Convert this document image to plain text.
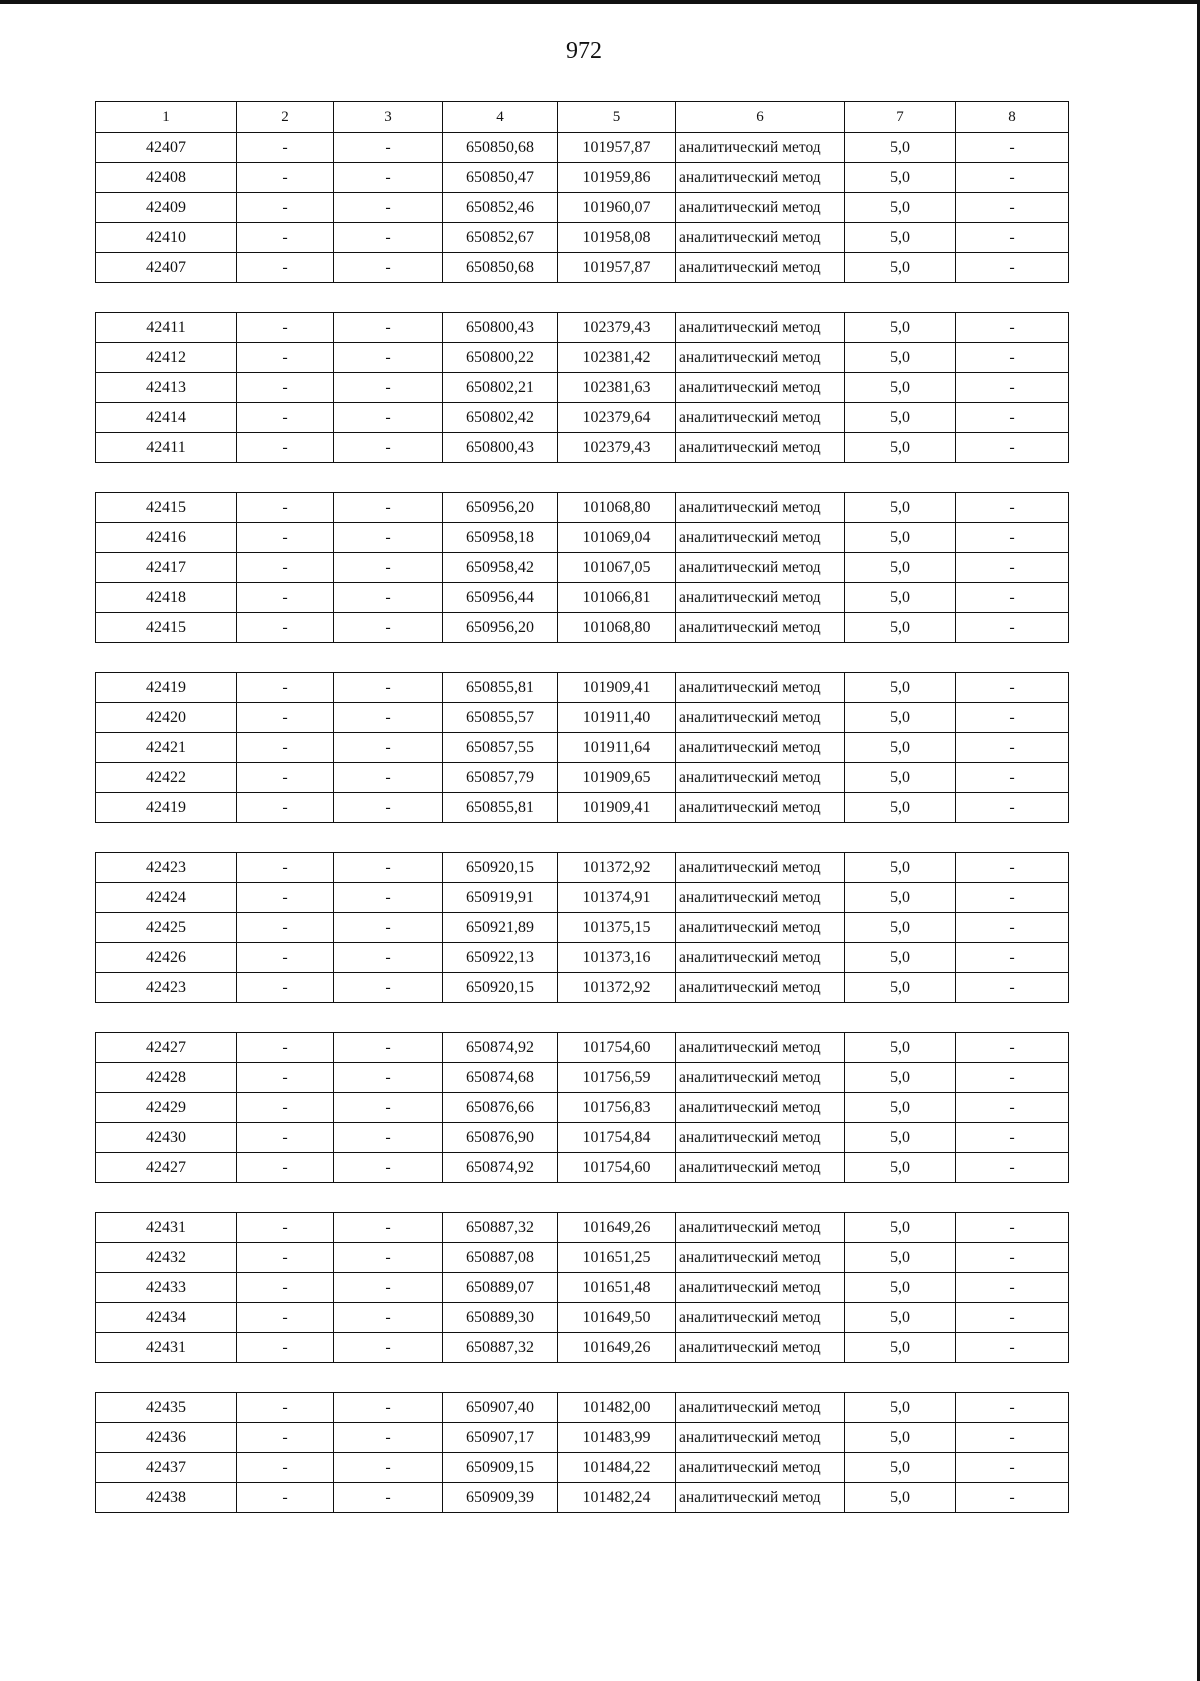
972
1	2	3	4	5	6	7	8
42407	-	-	650850,68	101957,87	аналитический метод	5,0	-
42408	-	-	650850,47	101959,86	аналитический метод	5,0	-
42409	-	-	650852,46	101960,07	аналитический метод	5,0	-
42410	-	-	650852,67	101958,08	аналитический метод	5,0	-
42407	-	-	650850,68	101957,87	аналитический метод	5,0	-

42411	-	-	650800,43	102379,43	аналитический метод	5,0	-
42412	-	-	650800,22	102381,42	аналитический метод	5,0	-
42413	-	-	650802,21	102381,63	аналитический метод	5,0	-
42414	-	-	650802,42	102379,64	аналитический метод	5,0	-
42411	-	-	650800,43	102379,43	аналитический метод	5,0	-

42415	-	-	650956,20	101068,80	аналитический метод	5,0	-
42416	-	-	650958,18	101069,04	аналитический метод	5,0	-
42417	-	-	650958,42	101067,05	аналитический метод	5,0	-
42418	-	-	650956,44	101066,81	аналитический метод	5,0	-
42415	-	-	650956,20	101068,80	аналитический метод	5,0	-

42419	-	-	650855,81	101909,41	аналитический метод	5,0	-
42420	-	-	650855,57	101911,40	аналитический метод	5,0	-
42421	-	-	650857,55	101911,64	аналитический метод	5,0	-
42422	-	-	650857,79	101909,65	аналитический метод	5,0	-
42419	-	-	650855,81	101909,41	аналитический метод	5,0	-

42423	-	-	650920,15	101372,92	аналитический метод	5,0	-
42424	-	-	650919,91	101374,91	аналитический метод	5,0	-
42425	-	-	650921,89	101375,15	аналитический метод	5,0	-
42426	-	-	650922,13	101373,16	аналитический метод	5,0	-
42423	-	-	650920,15	101372,92	аналитический метод	5,0	-

42427	-	-	650874,92	101754,60	аналитический метод	5,0	-
42428	-	-	650874,68	101756,59	аналитический метод	5,0	-
42429	-	-	650876,66	101756,83	аналитический метод	5,0	-
42430	-	-	650876,90	101754,84	аналитический метод	5,0	-
42427	-	-	650874,92	101754,60	аналитический метод	5,0	-

42431	-	-	650887,32	101649,26	аналитический метод	5,0	-
42432	-	-	650887,08	101651,25	аналитический метод	5,0	-
42433	-	-	650889,07	101651,48	аналитический метод	5,0	-
42434	-	-	650889,30	101649,50	аналитический метод	5,0	-
42431	-	-	650887,32	101649,26	аналитический метод	5,0	-

42435	-	-	650907,40	101482,00	аналитический метод	5,0	-
42436	-	-	650907,17	101483,99	аналитический метод	5,0	-
42437	-	-	650909,15	101484,22	аналитический метод	5,0	-
42438	-	-	650909,39	101482,24	аналитический метод	5,0	-
